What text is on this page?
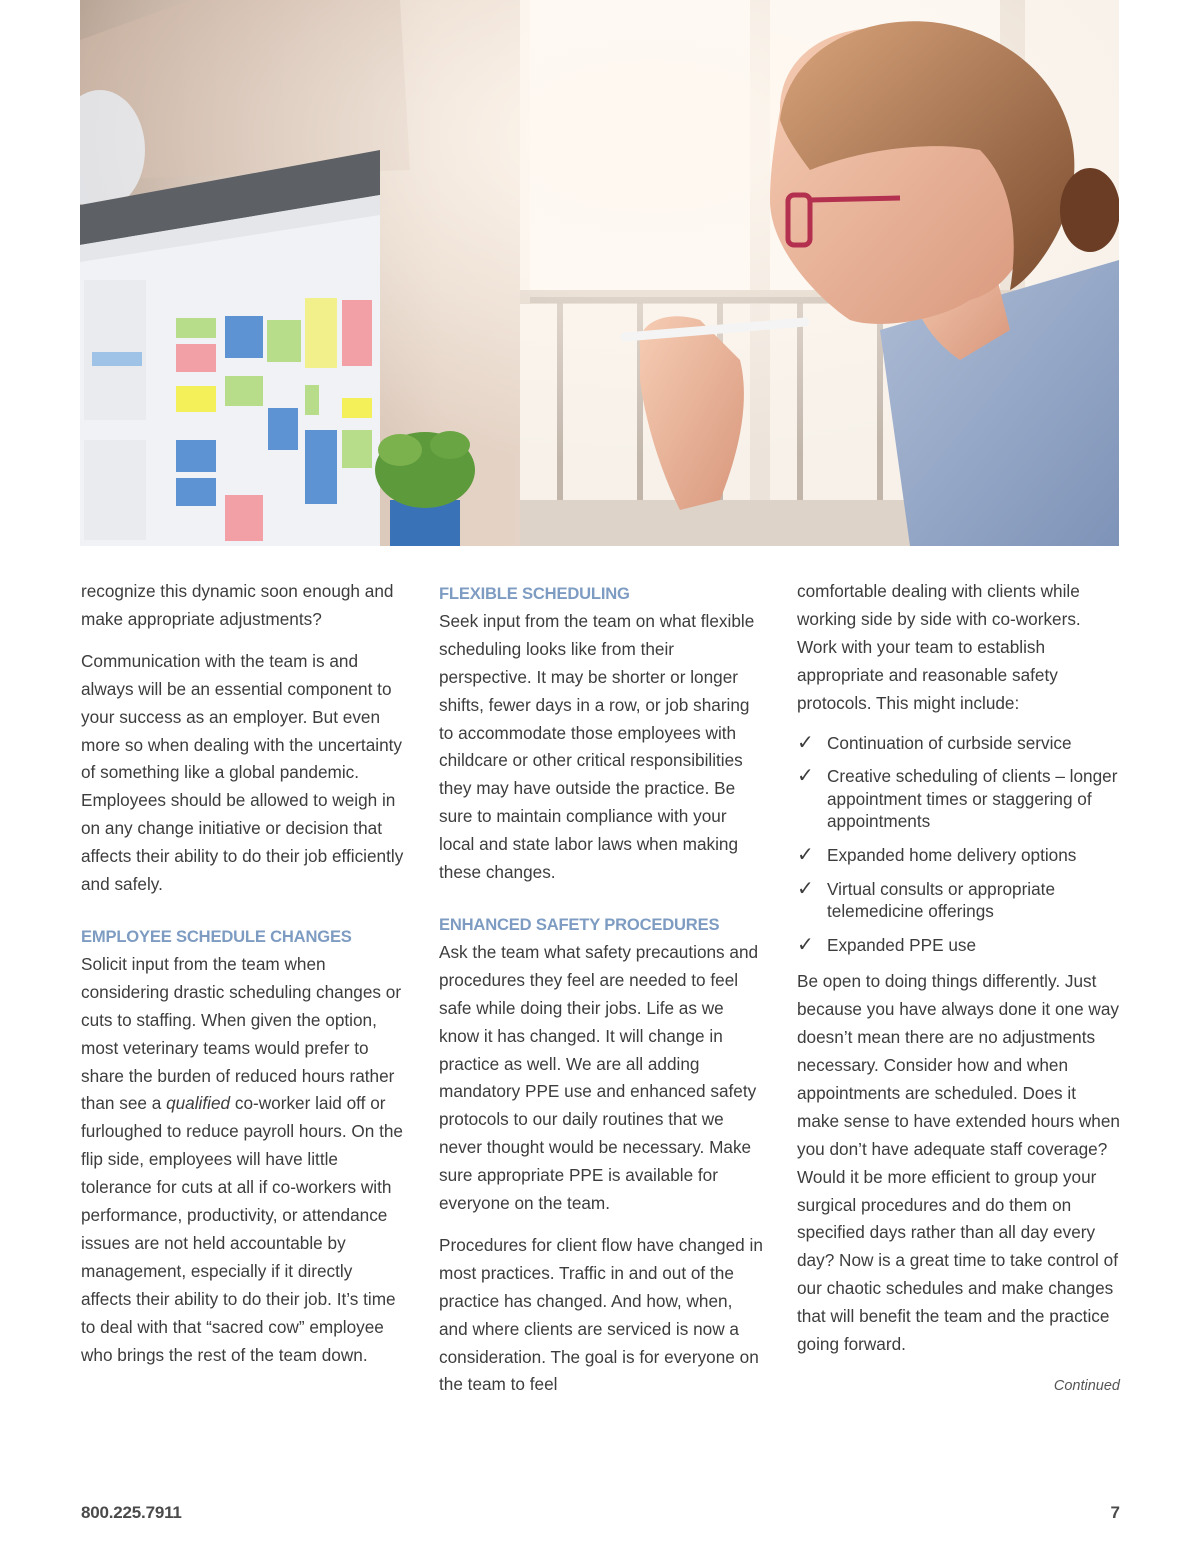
recognize this dynamic soon enough and make appropriate adjustments?

Communication with the team is and always will be an essential component to your success as an employer. But even more so when dealing with the uncertainty of something like a global pandemic. Employees should be allowed to weigh in on any change initiative or decision that affects their ability to do their job efficiently and safely.

EMPLOYEE SCHEDULE CHANGES

Solicit input from the team when considering drastic scheduling changes or cuts to staffing. When given the option, most veterinary teams would prefer to share the burden of reduced hours rather than see a qualified co-worker laid off or furloughed to reduce payroll hours. On the flip side, employees will have little tolerance for cuts at all if co-workers with performance, productivity, or attendance issues are not held accountable by management, especially if it directly affects their ability to do their job. It’s time to deal with that “sacred cow” employee who brings the rest of the team down.

FLEXIBLE SCHEDULING

Seek input from the team on what flexible scheduling looks like from their perspective. It may be shorter or longer shifts, fewer days in a row, or job sharing to accommodate those employees with childcare or other critical responsibilities they may have outside the practice. Be sure to maintain compliance with your local and state labor laws when making these changes.

ENHANCED SAFETY PROCEDURES

Ask the team what safety precautions and procedures they feel are needed to feel safe while doing their jobs. Life as we know it has changed. It will change in practice as well. We are all adding mandatory PPE use and enhanced safety protocols to our daily routines that we never thought would be necessary. Make sure appropriate PPE is available for everyone on the team.

Procedures for client flow have changed in most practices. Traffic in and out of the practice has changed. And how, when, and where clients are serviced is now a consideration. The goal is for everyone on the team to feel

comfortable dealing with clients while working side by side with co-workers. Work with your team to establish appropriate and reasonable safety protocols. This might include:

✓ Continuation of curbside service
✓ Creative scheduling of clients – longer appointment times or staggering of appointments
✓ Expanded home delivery options
✓ Virtual consults or appropriate telemedicine offerings
✓ Expanded PPE use

Be open to doing things differently. Just because you have always done it one way doesn’t mean there are no adjustments necessary. Consider how and when appointments are scheduled. Does it make sense to have extended hours when you don’t have adequate staff coverage? Would it be more efficient to group your surgical procedures and do them on specified days rather than all day every day? Now is a great time to take control of our chaotic schedules and make changes that will benefit the team and the practice going forward.

Continued
800.225.7911	7
